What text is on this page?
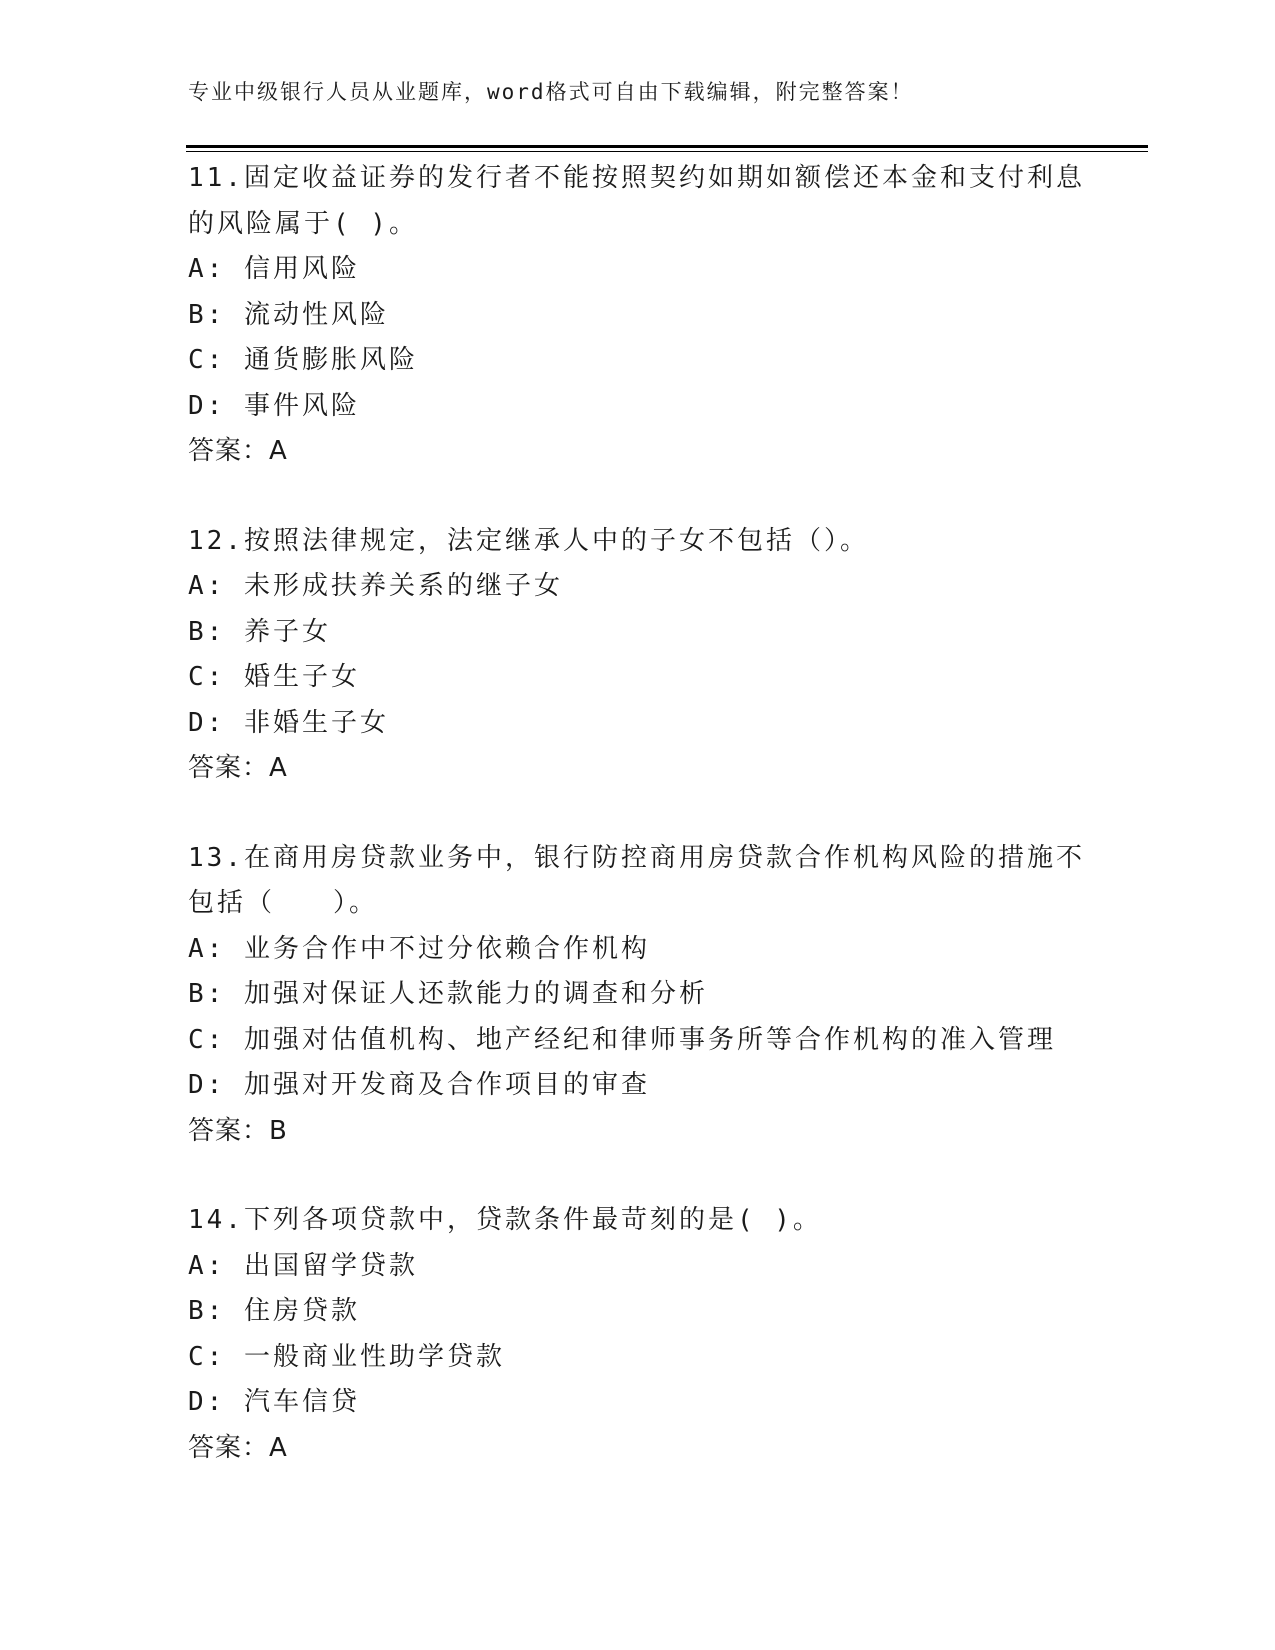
专业中级银行人员从业题库，word格式可自由下载编辑，附完整答案！
11.固定收益证券的发行者不能按照契约如期如额偿还本金和支付利息的风险属于( )。
A: 信用风险
B: 流动性风险
C: 通货膨胀风险
D: 事件风险
答案：A
12.按照法律规定，法定继承人中的子女不包括（）。
A: 未形成扶养关系的继子女
B: 养子女
C: 婚生子女
D: 非婚生子女
答案：A
13.在商用房贷款业务中，银行防控商用房贷款合作机构风险的措施不包括（　　）。
A: 业务合作中不过分依赖合作机构
B: 加强对保证人还款能力的调查和分析
C: 加强对估值机构、地产经纪和律师事务所等合作机构的准入管理
D: 加强对开发商及合作项目的审查
答案：B
14.下列各项贷款中，贷款条件最苛刻的是( )。
A: 出国留学贷款
B: 住房贷款
C: 一般商业性助学贷款
D: 汽车信贷
答案：A
